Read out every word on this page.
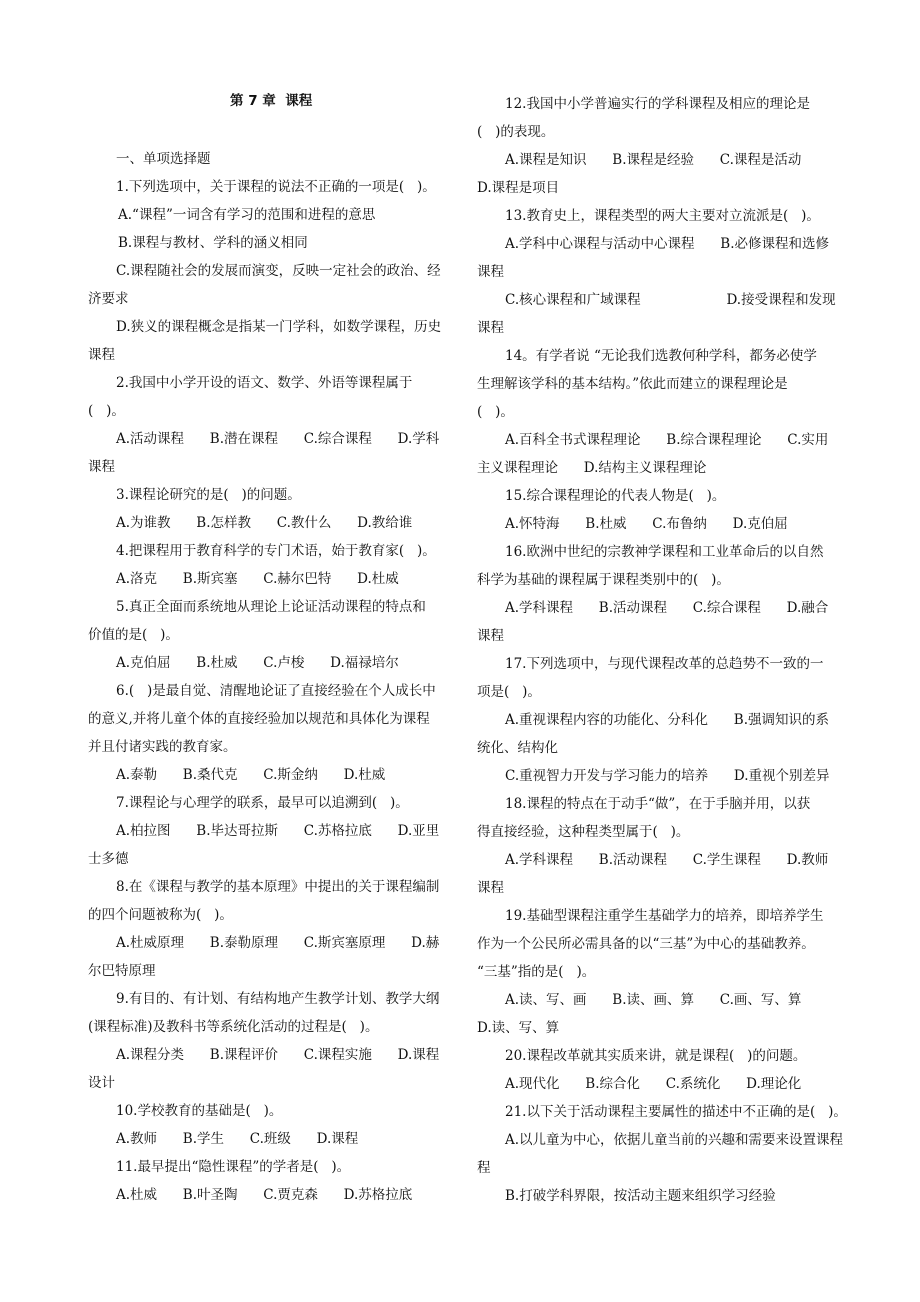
第 7 章  课程
一、单项选择题
1.下列选项中，关于课程的说法不正确的一项是(   )。
A.“课程”一词含有学习的范围和进程的意思
B.课程与教材、学科的涵义相同
C.课程随社会的发展而演变，反映一定社会的政治、经
济要求
D.狭义的课程概念是指某一门学科，如数学课程，历史
课程
2.我国中小学开设的语文、数学、外语等课程属于
(   )。
A.活动课程      B.潜在课程      C.综合课程      D.学科
课程
3.课程论研究的是(   )的问题。
A.为谁教      B.怎样教      C.教什么      D.教给谁
4.把课程用于教育科学的专门术语，始于教育家(   )。
A.洛克      B.斯宾塞      C.赫尔巴特      D.杜威
5.真正全面而系统地从理论上论证活动课程的特点和
价值的是(   )。
A.克伯屈      B.杜威      C.卢梭      D.福禄培尔
6.(   )是最自觉、清醒地论证了直接经验在个人成长中
的意义,并将儿童个体的直接经验加以规范和具体化为课程
并且付诸实践的教育家。
A.泰勒      B.桑代克      C.斯金纳      D.杜威
7.课程论与心理学的联系，最早可以追溯到(   )。
A.柏拉图      B.毕达哥拉斯      C.苏格拉底      D.亚里
士多德
8.在《课程与教学的基本原理》中提出的关于课程编制
的四个问题被称为(   )。
A.杜威原理      B.泰勒原理      C.斯宾塞原理      D.赫
尔巴特原理
9.有目的、有计划、有结构地产生教学计划、教学大纲
(课程标准)及教科书等系统化活动的过程是(   )。
A.课程分类      B.课程评价      C.课程实施      D.课程
设计
10.学校教育的基础是(   )。
A.教师      B.学生      C.班级      D.课程
11.最早提出“隐性课程”的学者是(   )。
A.杜威      B.叶圣陶      C.贾克森      D.苏格拉底
12.我国中小学普遍实行的学科课程及相应的理论是
(   )的表现。
A.课程是知识      B.课程是经验      C.课程是活动
D.课程是项目
13.教育史上，课程类型的两大主要对立流派是(   )。
A.学科中心课程与活动中心课程      B.必修课程和选修
课程
C.核心课程和广域课程                    D.接受课程和发现
课程
14。有学者说 “无论我们选教何种学科，都务必使学
生理解该学科的基本结构。”依此而建立的课程理论是
(   )。
A.百科全书式课程理论      B.综合课程理论      C.实用
主义课程理论      D.结构主义课程理论
15.综合课程理论的代表人物是(   )。
A.怀特海      B.杜威      C.布鲁纳      D.克伯屈
16.欧洲中世纪的宗教神学课程和工业革命后的以自然
科学为基础的课程属于课程类别中的(   )。
A.学科课程      B.活动课程      C.综合课程      D.融合
课程
17.下列选项中，与现代课程改革的总趋势不一致的一
项是(   )。
A.重视课程内容的功能化、分科化      B.强调知识的系
统化、结构化
C.重视智力开发与学习能力的培养      D.重视个别差异
18.课程的特点在于动手“做”，在于手脑并用，以获
得直接经验，这种程类型属于(   )。
A.学科课程      B.活动课程      C.学生课程      D.教师
课程
19.基础型课程注重学生基础学力的培养，即培养学生
作为一个公民所必需具备的以“三基”为中心的基础教养。
“三基”指的是(   )。
A.读、写、画      B.读、画、算      C.画、写、算
D.读、写、算
20.课程改革就其实质来讲，就是课程(   )的问题。
A.现代化      B.综合化      C.系统化      D.理论化
21.以下关于活动课程主要属性的描述中不正确的是(   )。
A.以儿童为中心，依据儿童当前的兴趣和需要来设置课程
程
B.打破学科界限，按活动主题来组织学习经验
